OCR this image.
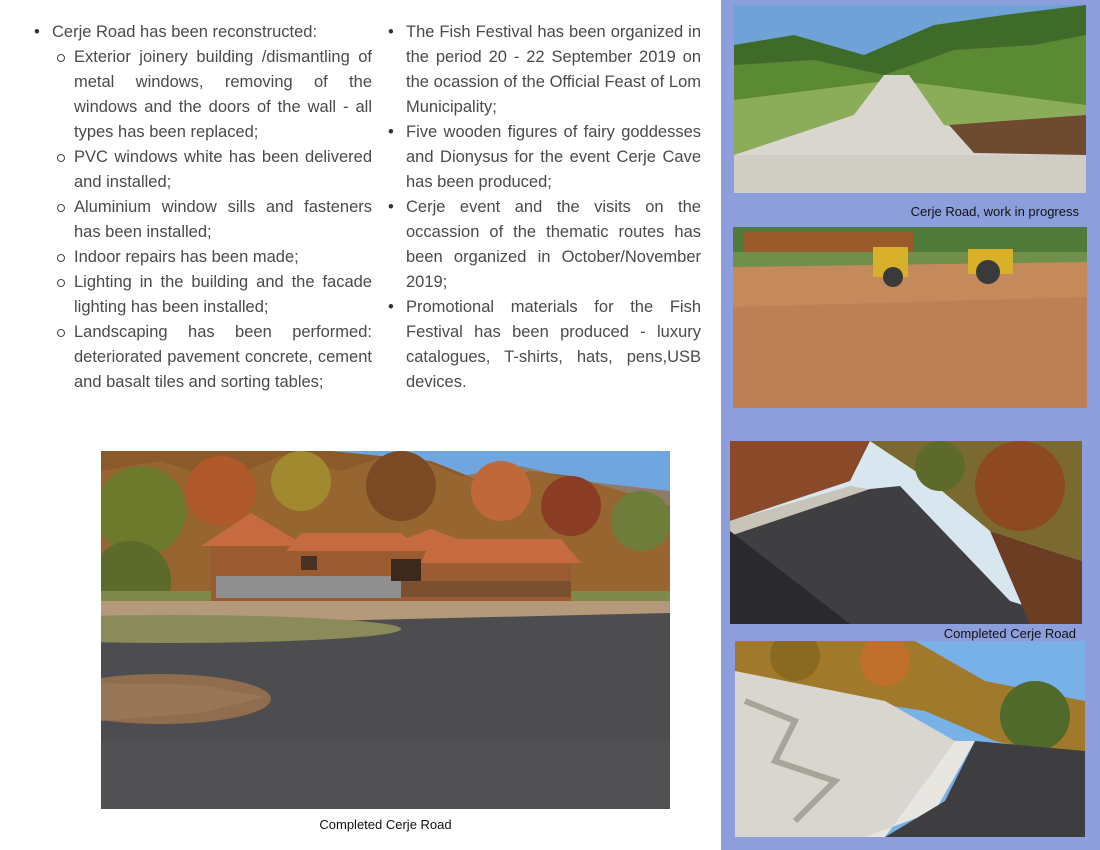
• Cerje Road has been reconstructed:
Exterior joinery building /dismantling of metal windows, removing of the windows and the doors of the wall - all types has been replaced;
PVC windows white has been delivered and installed;
Aluminium window sills and fasteners has been installed;
Indoor repairs has been made;
Lighting in the building and the facade lighting has been installed;
Landscaping has been performed: deteriorated pavement concrete, cement and basalt tiles and sorting tables;
• The Fish Festival has been organized in the period 20 - 22 September 2019 on the ocassion of the Official Feast of Lom Municipality;
• Five wooden figures of fairy goddesses and Dionysus for the event Cerje Cave has been produced;
• Cerje event and the visits on the occassion of the thematic routes has been organized in October/November 2019;
• Promotional materials for the Fish Festival has been produced - luxury catalogues, T-shirts, hats, pens,USB devices.
Completed Cerje Road
Cerje Road, work in progress
Completed Cerje Road
